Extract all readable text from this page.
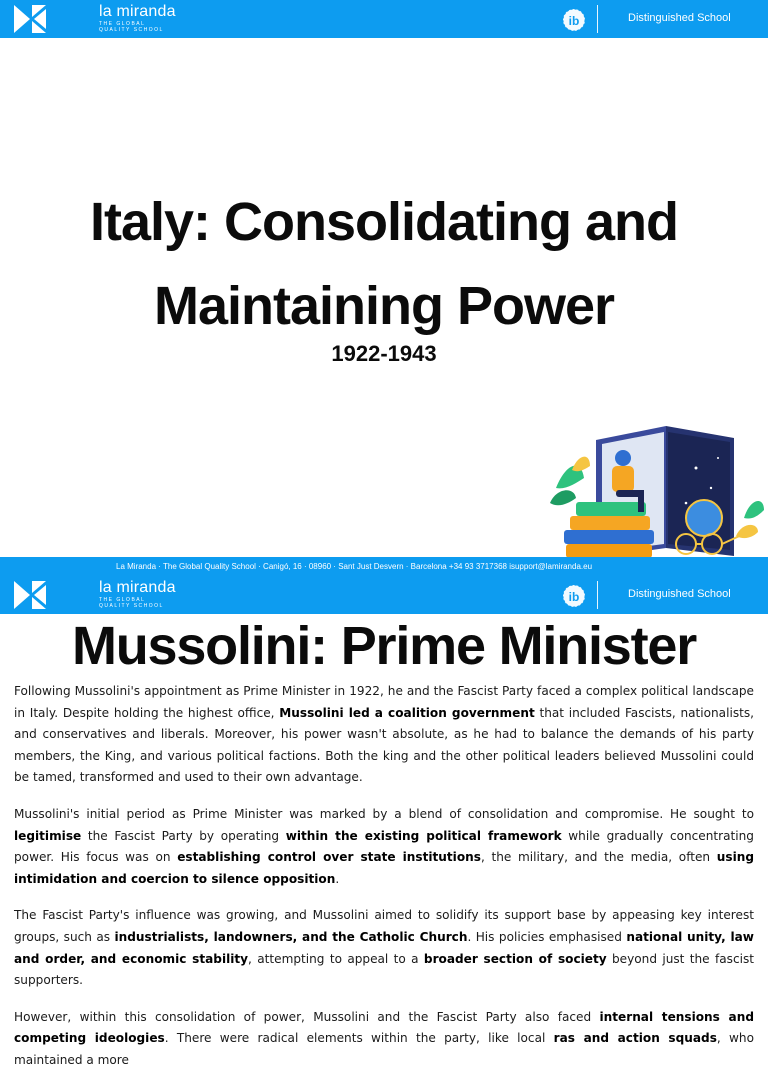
la miranda
THE GLOBAL
QUALITY SCHOOL
ib	Distinguished School
Italy: Consolidating and
Maintaining Power
1922-1943
La Miranda · The Global Quality School · Canigó, 16 · 08960 · Sant Just Desvern · Barcelona +34 93 3717368 isupport@lamiranda.eu
la miranda
THE GLOBAL
QUALITY SCHOOL
ib	Distinguished School
Mussolini: Prime Minister

Following Mussolini's appointment as Prime Minister in 1922, he and the Fascist Party faced a complex political landscape in Italy. Despite holding the highest office, Mussolini led a coalition government that included Fascists, nationalists, and conservatives and liberals. Moreover, his power wasn't absolute, as he had to balance the demands of his party members, the King, and various political factions. Both the king and the other political leaders believed Mussolini could be tamed, transformed and used to their own advantage.

Mussolini's initial period as Prime Minister was marked by a blend of consolidation and compromise. He sought to legitimise the Fascist Party by operating within the existing political framework while gradually concentrating power. His focus was on establishing control over state institutions, the military, and the media, often using intimidation and coercion to silence opposition.

The Fascist Party's influence was growing, and Mussolini aimed to solidify its support base by appeasing key interest groups, such as industrialists, landowners, and the Catholic Church. His policies emphasised national unity, law and order, and economic stability, attempting to appeal to a broader section of society beyond just the fascist supporters.

However, within this consolidation of power, Mussolini and the Fascist Party also faced internal tensions and competing ideologies. There were radical elements within the party, like local ras and action squads, who maintained a more
